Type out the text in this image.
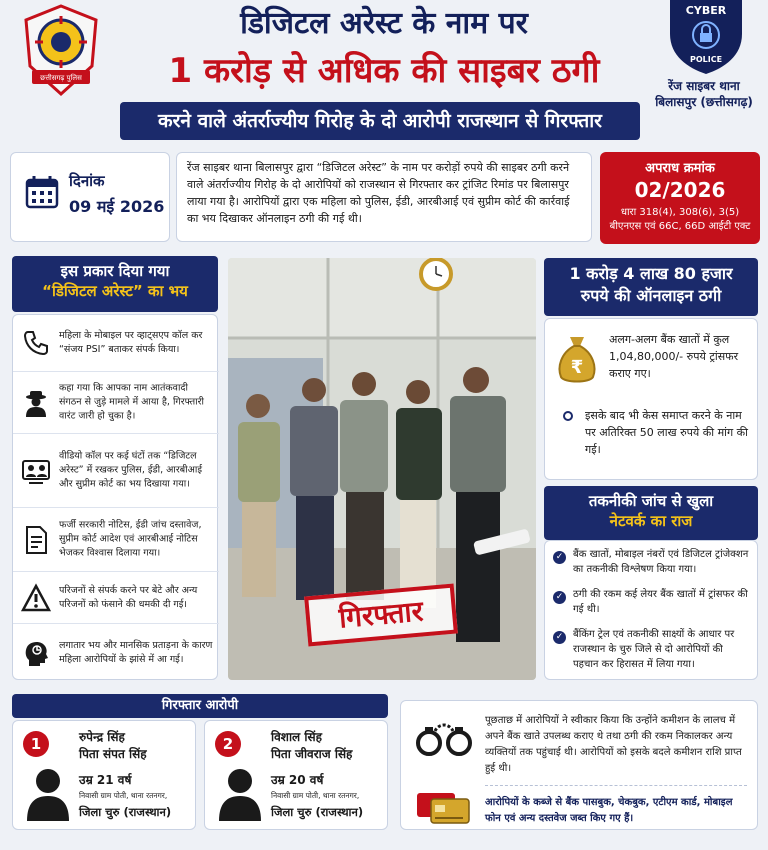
छत्तीसगढ़ पुलिस
डिजिटल अरेस्ट के नाम पर
1 करोड़ से अधिक की साइबर ठगी
करने वाले अंतर्राज्यीय गिरोह के दो आरोपी राजस्थान से गिरफ्तार
CYBER
POLICE
रेंज साइबर थाना
बिलासपुर (छत्तीसगढ़)
दिनांक
09 मई 2026
रेंज साइबर थाना बिलासपुर द्वारा “डिजिटल अरेस्ट” के नाम पर करोड़ों रुपये की साइबर ठगी करने वाले अंतर्राज्यीय गिरोह के दो आरोपियों को राजस्थान से गिरफ्तार कर ट्रांजिट रिमांड पर बिलासपुर लाया गया है। आरोपियों द्वारा एक महिला को पुलिस, ईडी, आरबीआई एवं सुप्रीम कोर्ट की कार्रवाई का भय दिखाकर ऑनलाइन ठगी की गई थी।
अपराध क्रमांक
02/2026
धारा 318(4), 308(6), 3(5) बीएनएस एवं 66C, 66D आईटी एक्ट
इस प्रकार दिया गया
“डिजिटल अरेस्ट” का भय
महिला के मोबाइल पर व्हाट्सएप कॉल कर “संजय PSI” बताकर संपर्क किया।
कहा गया कि आपका नाम आतंकवादी संगठन से जुड़े मामले में आया है, गिरफ्तारी वारंट जारी हो चुका है।
वीडियो कॉल पर कई घंटों तक “डिजिटल अरेस्ट” में रखकर पुलिस, ईडी, आरबीआई और सुप्रीम कोर्ट का भय दिखाया गया।
फर्जी सरकारी नोटिस, ईडी जांच दस्तावेज, सुप्रीम कोर्ट आदेश एवं आरबीआई नोटिस भेजकर विश्वास दिलाया गया।
परिजनों से संपर्क करने पर बेटे और अन्य परिजनों को फंसाने की धमकी दी गई।
लगातार भय और मानसिक प्रताड़ना के कारण महिला आरोपियों के झांसे में आ गई।
गिरफ्तार
1 करोड़ 4 लाख 80 हजार
रुपये की ऑनलाइन ठगी
₹
अलग-अलग बैंक खातों में कुल 1,04,80,000/- रुपये ट्रांसफर कराए गए।
इसके बाद भी केस समाप्त करने के नाम पर अतिरिक्त 50 लाख रुपये की मांग की गई।
तकनीकी जांच से खुला
नेटवर्क का राज
✓ बैंक खातों, मोबाइल नंबरों एवं डिजिटल ट्रांजेक्शन का तकनीकी विश्लेषण किया गया।
✓ ठगी की रकम कई लेयर बैंक खातों में ट्रांसफर की गई थी।
✓ बैंकिंग ट्रेल एवं तकनीकी साक्ष्यों के आधार पर राजस्थान के चुरु जिले से दो आरोपियों की पहचान कर हिरासत में लिया गया।
गिरफ्तार आरोपी
1	रुपेन्द्र सिंह
पिता संपत सिंह
उम्र 21 वर्ष
निवासी ग्राम पोती, थाना रतनगर,
जिला चुरु (राजस्थान)
2	विशाल सिंह
पिता जीवराज सिंह
उम्र 20 वर्ष
निवासी ग्राम पोती, थाना रतनगर,
जिला चुरु (राजस्थान)
पूछताछ में आरोपियों ने स्वीकार किया कि उन्होंने कमीशन के लालच में अपने बैंक खाते उपलब्ध कराए थे तथा ठगी की रकम निकालकर अन्य व्यक्तियों तक पहुंचाई थी। आरोपियों को इसके बदले कमीशन राशि प्राप्त हुई थी।
आरोपियों के कब्जे से बैंक पासबुक, चेकबुक, एटीएम कार्ड, मोबाइल फोन एवं अन्य दस्तवेज जब्त किए गए हैं।
